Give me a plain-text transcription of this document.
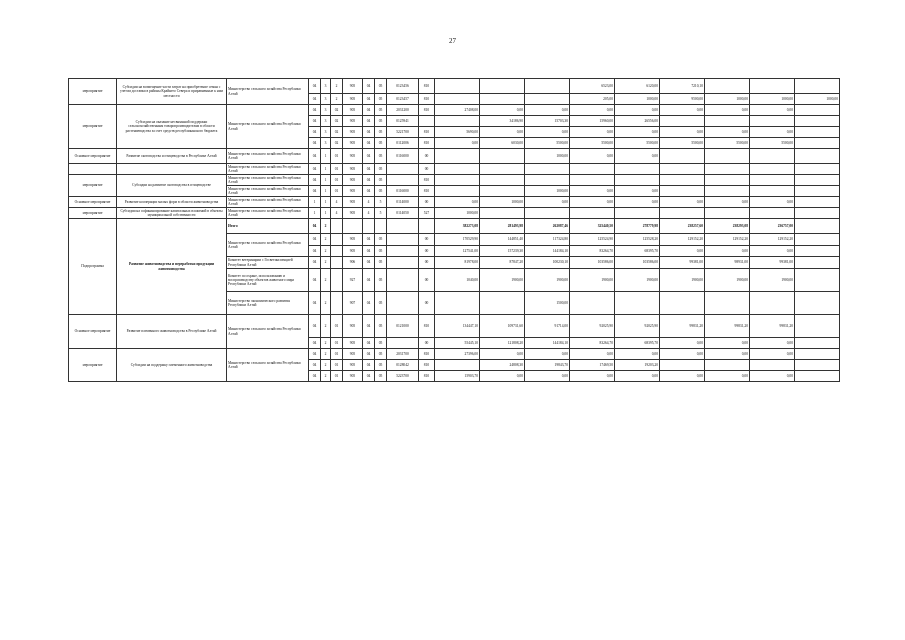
27
мероприятие	Субсидии на возмещение части затрат на приобретение семян с учетом доставки в районы Крайнего Севера и приравненные к ним местности	Министерство сельского хозяйства Республики Алтай	04	3	2	905	04	05	0123456	810				6523,00	6120,00	7210,10			
			04	3	2	905	04	05	0123457	810				205,00	1000,00	9500,00	1000,00	1000,00	1000,00
мероприятие	Субсидии на оказание несвязанной поддержки сельскохозяйственным товаропроизводителям в области растениеводства за счет средств республиканского бюджета	Министерство сельского хозяйства Республики Алтай	04	3	02	905	04	05	2031200	810	27408,00	0,00	0,00	0,00	0,00	0,00	0,00	0,00	
			04	3	02	905	04	05	0125941			34186,90	15703,30	15960,00	26556,00				
			04	3	02	905	04	05	5221700	810	5690,00	0,00	0,00	0,00	0,00	0,00	0,00	0,00	
			04	3	02	905	04	05	0112006	810	0,00	6030,00	5500,00	5500,00	5500,00	5500,00	5500,00	5500,00	
Основное мероприятие	Развитие скотоводства и птицеводства в Республике Алтай	Министерство сельского хозяйства Республики Алтай	04	1	01	905	04	05	0116000	00			1000,00	0,00	0,00				
		Министерство сельского хозяйства Республики Алтай	04	1	01	905	04	05		00									
мероприятие	Субсидии на развитие скотоводства в птицеводстве	Министерство сельского хозяйства Республики Алтай	04	1	01	905	04	05		810									
		Министерство сельского хозяйства Республики Алтай	04	1	01	905	04	05	0116000	810			1000,00	0,00	0,00				
Основное мероприятие	Развитие кооперации малых форм в области животноводства	Министерство сельского хозяйства Республики Алтай	1	1	4	905	4	5	0114000	00	0,00	1000,00	0,00	0,00	0,00	0,00	0,00	0,00	
мероприятие	Субсидии на софинансирование капитальных вложений в объекты муниципальной собственности	Министерство сельского хозяйства Республики Алтай	1	1	4	905	4	5	0114050	527	1000,00								
Подпрограмма	Развитие животноводства и переработки продукции животноводства	Итого	04	2							382273,08	281493,98	262087,46	325440,50	278779,98	238257,60	238293,08	236757,00	
		Министерство сельского хозяйства Республики Алтай	04	2		905	04	05		00	170529,90	144851,40	117324,80	125524,90	125528,20	129152,20	129152,20	129152,20	
			04	2		905	04	05		00	127541,00	157239,30	144184,10	83264,70	68395,70	0,00	0,00	0,00	
		Комитет ветеринарии с Госветинспекцией Республики Алтай	04	2		906	04	05		00	81978,00	87847,20	100230,10	103586,00	103586,00	99381,00	98931,00	99381,00	
		Комитет по охране, использованию и воспроизводству объектов животного мира Республики Алтай	04	2		927	04	05		00	1040,00	1900,00	1900,00	1900,00	1900,00	1900,00	1900,00	1900,00	
		Министерство экономического развития Республики Алтай	04	2		907	04	05		00			1500,00						
Основное мероприятие	Развитие племенного животноводства в Республике Алтай	Министерство сельского хозяйства Республики Алтай	04	2	01	905	04	05	0121000	810	134447,10	109731,60	91714,00	92025,90	92025,90	99831,20	99831,20	99831,20	
			04	2	01	905	04	05		00	55445,10	121808,20	144184,10	83264,70	68395,70	0,00	0,00	0,00	
мероприятие	Субсидии на поддержку племенного животноводства	Министерство сельского хозяйства Республики Алтай	04	2	01	905	04	05	2031700	810	27396,00	0,00	0,00	0,00	0,00	0,00	0,00	0,00	
			04	2	01	905	04	05	0128042	810		24808,30	19843,70	17469,50	19203,20				
			04	2	01	905	04	05	5223700	810	15903,70	0,00	0,00	0,00	0,00	0,00	0,00	0,00	
